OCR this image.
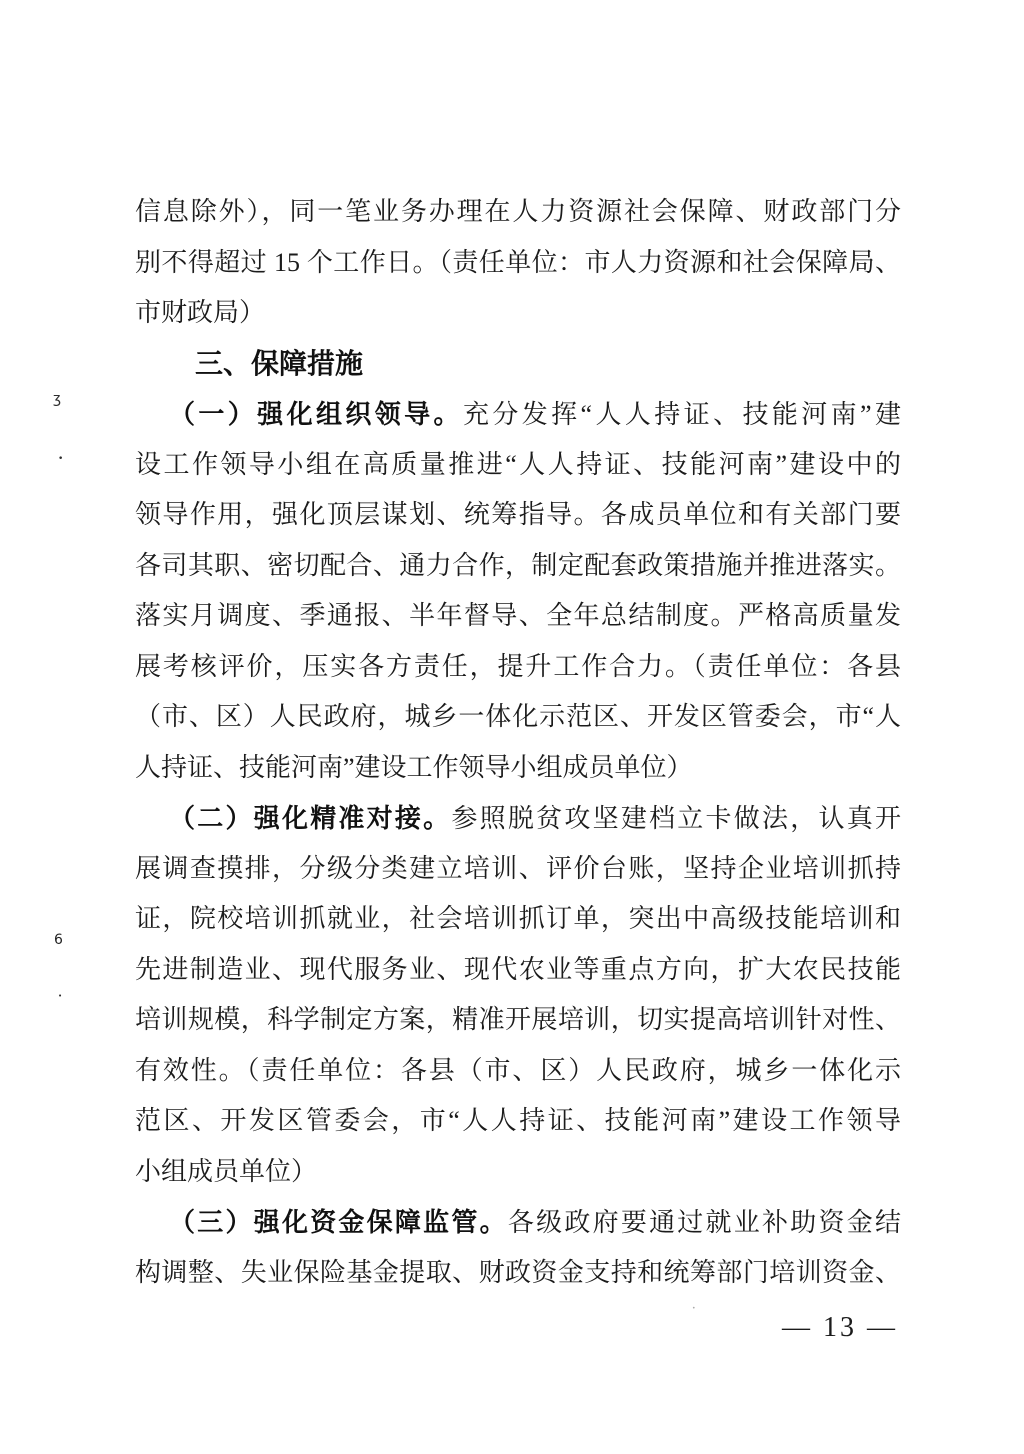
信息除外），同一笔业务办理在人力资源社会保障、财政部门分
别不得超过 15 个工作日。（责任单位：市人力资源和社会保障局、
市财政局）
三、保障措施
（一）强化组织领导。充分发挥“人人持证、技能河南”建
设工作领导小组在高质量推进“人人持证、技能河南”建设中的
领导作用，强化顶层谋划、统筹指导。各成员单位和有关部门要
各司其职、密切配合、通力合作，制定配套政策措施并推进落实。
落实月调度、季通报、半年督导、全年总结制度。严格高质量发
展考核评价，压实各方责任，提升工作合力。（责任单位：各县
（市、区）人民政府，城乡一体化示范区、开发区管委会，市“人
人持证、技能河南”建设工作领导小组成员单位）
（二）强化精准对接。参照脱贫攻坚建档立卡做法，认真开
展调查摸排，分级分类建立培训、评价台账，坚持企业培训抓持
证，院校培训抓就业，社会培训抓订单，突出中高级技能培训和
先进制造业、现代服务业、现代农业等重点方向，扩大农民技能
培训规模，科学制定方案，精准开展培训，切实提高培训针对性、
有效性。（责任单位：各县（市、区）人民政府，城乡一体化示
范区、开发区管委会，市“人人持证、技能河南”建设工作领导
小组成员单位）
（三）强化资金保障监管。各级政府要通过就业补助资金结
构调整、失业保险基金提取、财政资金支持和统筹部门培训资金、
— 13 —
ʒ
•
6
•
•
